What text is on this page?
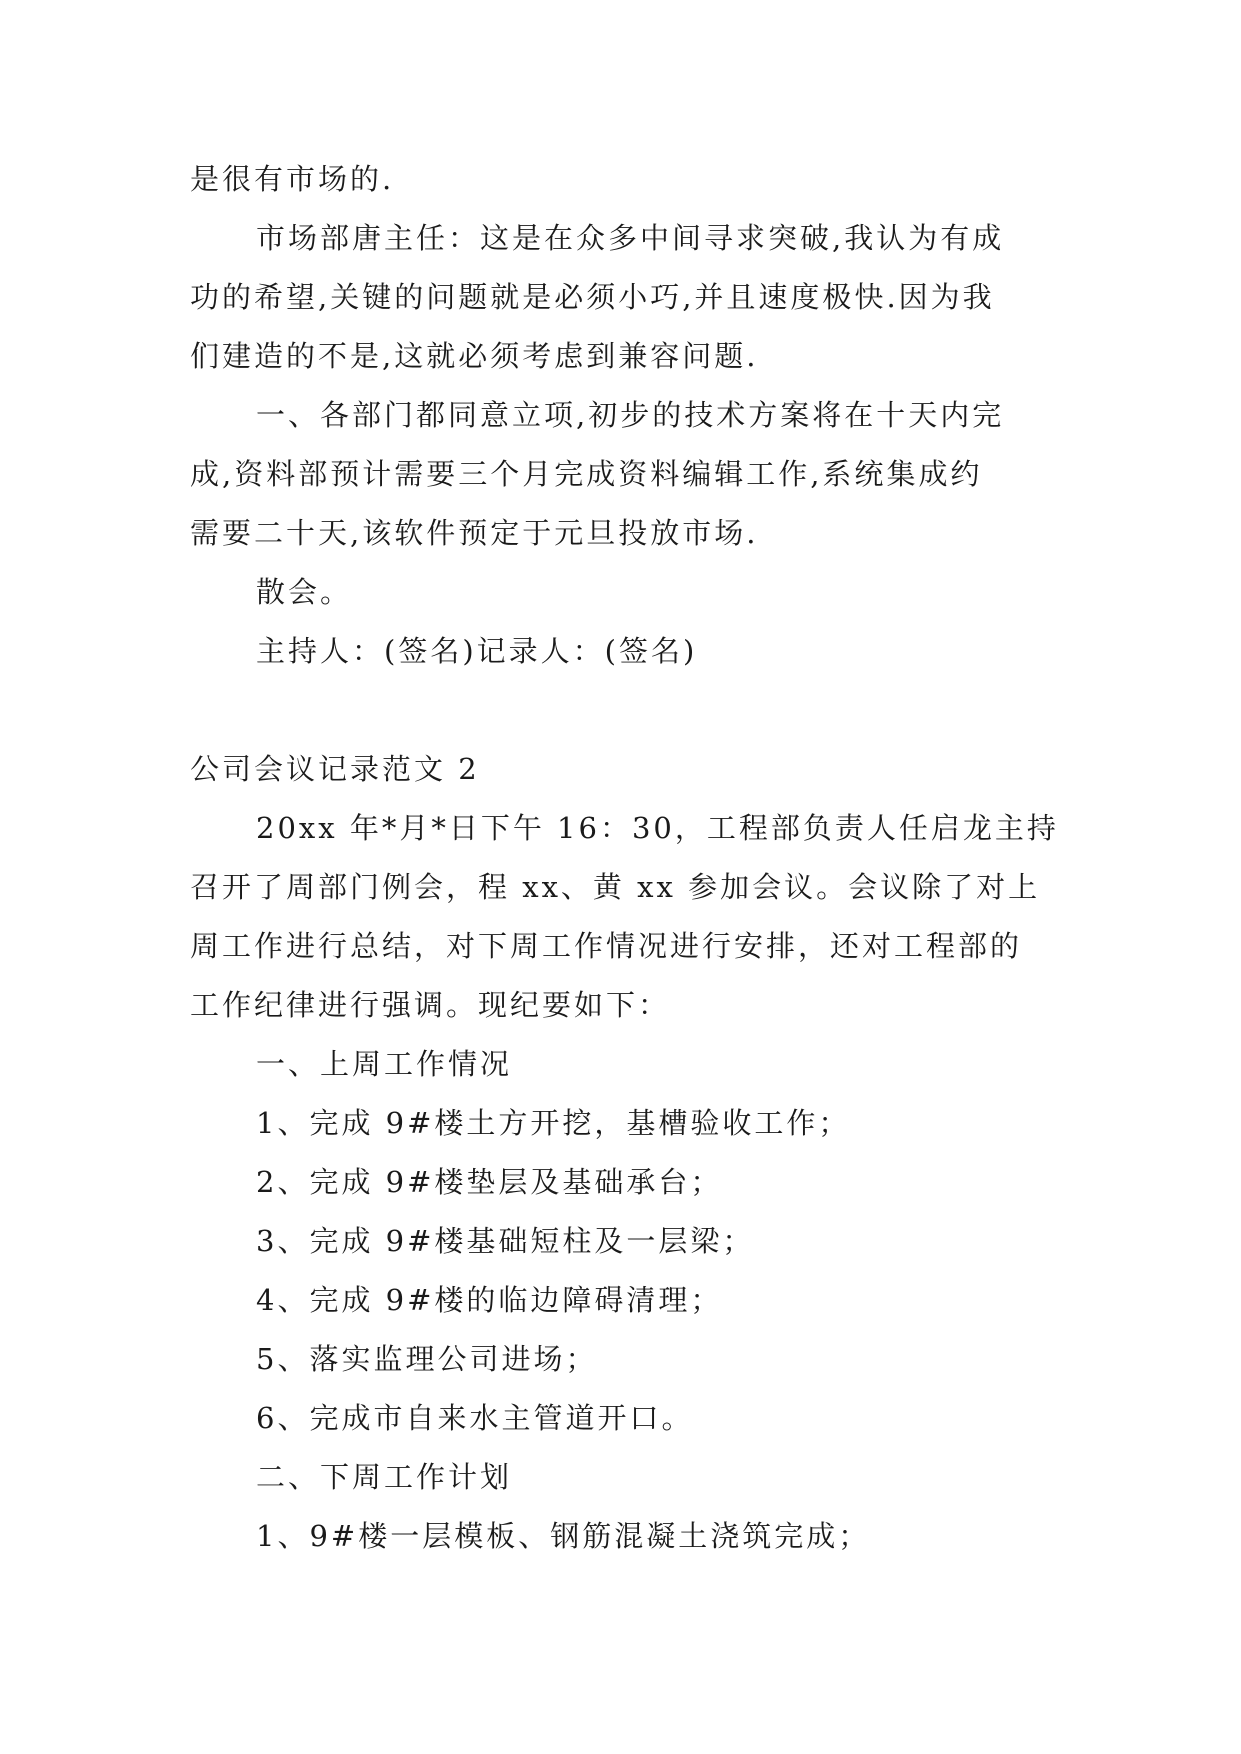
是很有市场的.

市场部唐主任：这是在众多中间寻求突破,我认为有成

功的希望,关键的问题就是必须小巧,并且速度极快.因为我

们建造的不是,这就必须考虑到兼容问题.

一、各部门都同意立项,初步的技术方案将在十天内完

成,资料部预计需要三个月完成资料编辑工作,系统集成约

需要二十天,该软件预定于元旦投放市场.

散会。

主持人：(签名)记录人：(签名)

公司会议记录范文 2

20xx 年*月*日下午 16：30，工程部负责人任启龙主持

召开了周部门例会，程 xx、黄 xx 参加会议。会议除了对上

周工作进行总结，对下周工作情况进行安排，还对工程部的

工作纪律进行强调。现纪要如下：

一、上周工作情况

1、完成 9#楼土方开挖，基槽验收工作；

2、完成 9#楼垫层及基础承台；

3、完成 9#楼基础短柱及一层梁；

4、完成 9#楼的临边障碍清理；

5、落实监理公司进场；

6、完成市自来水主管道开口。

二、下周工作计划

1、9#楼一层模板、钢筋混凝土浇筑完成；
